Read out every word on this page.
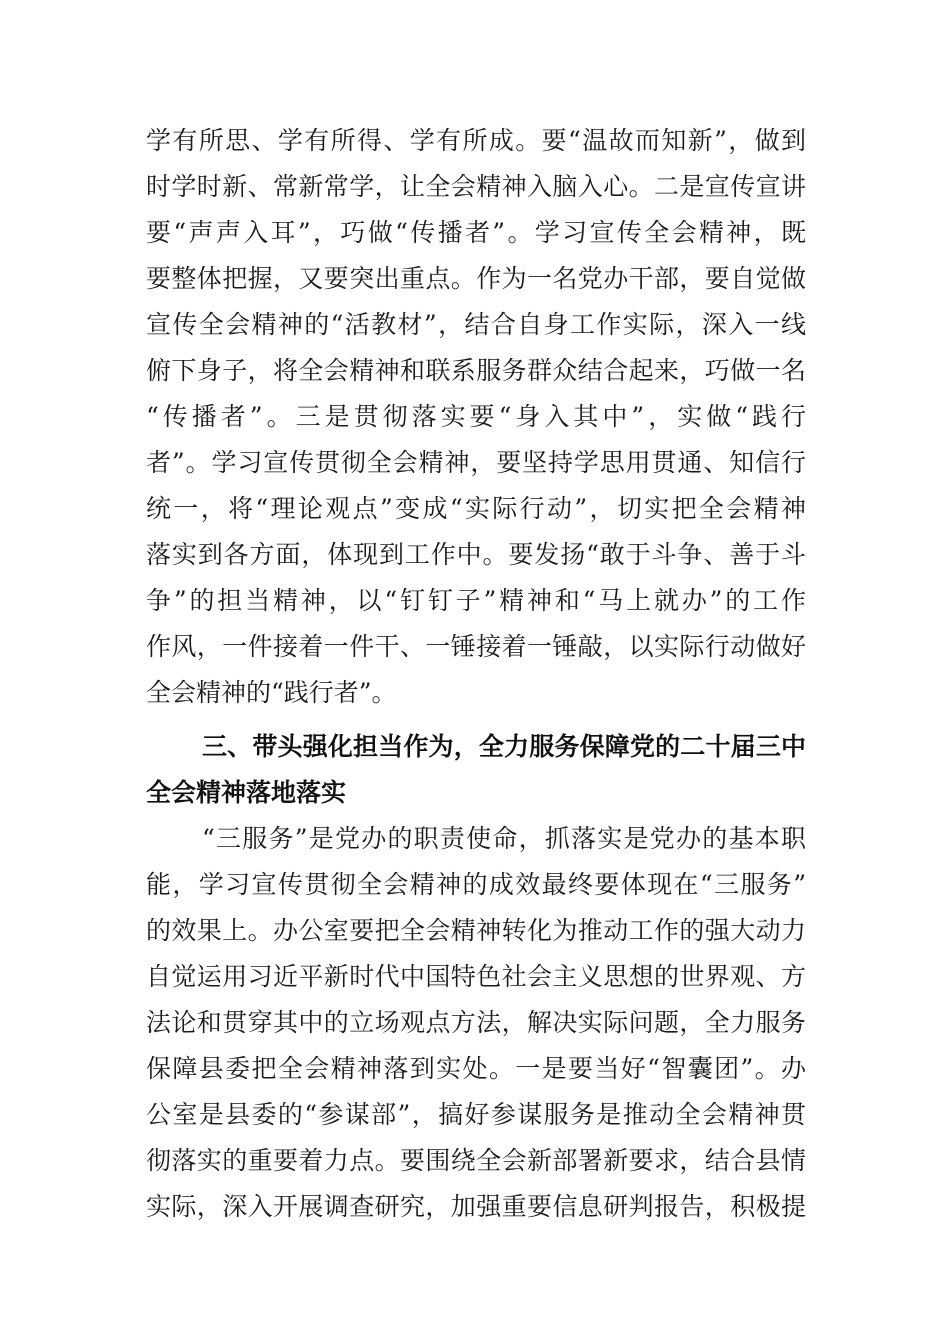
学有所思、学有所得、学有所成。要“温故而知新”，做到
时学时新、常新常学，让全会精神入脑入心。二是宣传宣讲
要“声声入耳”，巧做“传播者”。学习宣传全会精神，既
要整体把握，又要突出重点。作为一名党办干部，要自觉做
宣传全会精神的“活教材”，结合自身工作实际，深入一线
俯下身子，将全会精神和联系服务群众结合起来，巧做一名
“传播者”。三是贯彻落实要“身入其中”，实做“践行
者”。学习宣传贯彻全会精神，要坚持学思用贯通、知信行
统一，将“理论观点”变成“实际行动”，切实把全会精神
落实到各方面，体现到工作中。要发扬“敢于斗争、善于斗
争”的担当精神，以“钉钉子”精神和“马上就办”的工作
作风，一件接着一件干、一锤接着一锤敲，以实际行动做好
全会精神的“践行者”。
三、带头强化担当作为，全力服务保障党的二十届三中
全会精神落地落实
“三服务”是党办的职责使命，抓落实是党办的基本职
能，学习宣传贯彻全会精神的成效最终要体现在“三服务”
的效果上。办公室要把全会精神转化为推动工作的强大动力
自觉运用习近平新时代中国特色社会主义思想的世界观、方
法论和贯穿其中的立场观点方法，解决实际问题，全力服务
保障县委把全会精神落到实处。一是要当好“智囊团”。办
公室是县委的“参谋部”，搞好参谋服务是推动全会精神贯
彻落实的重要着力点。要围绕全会新部署新要求，结合县情
实际，深入开展调查研究，加强重要信息研判报告，积极提
